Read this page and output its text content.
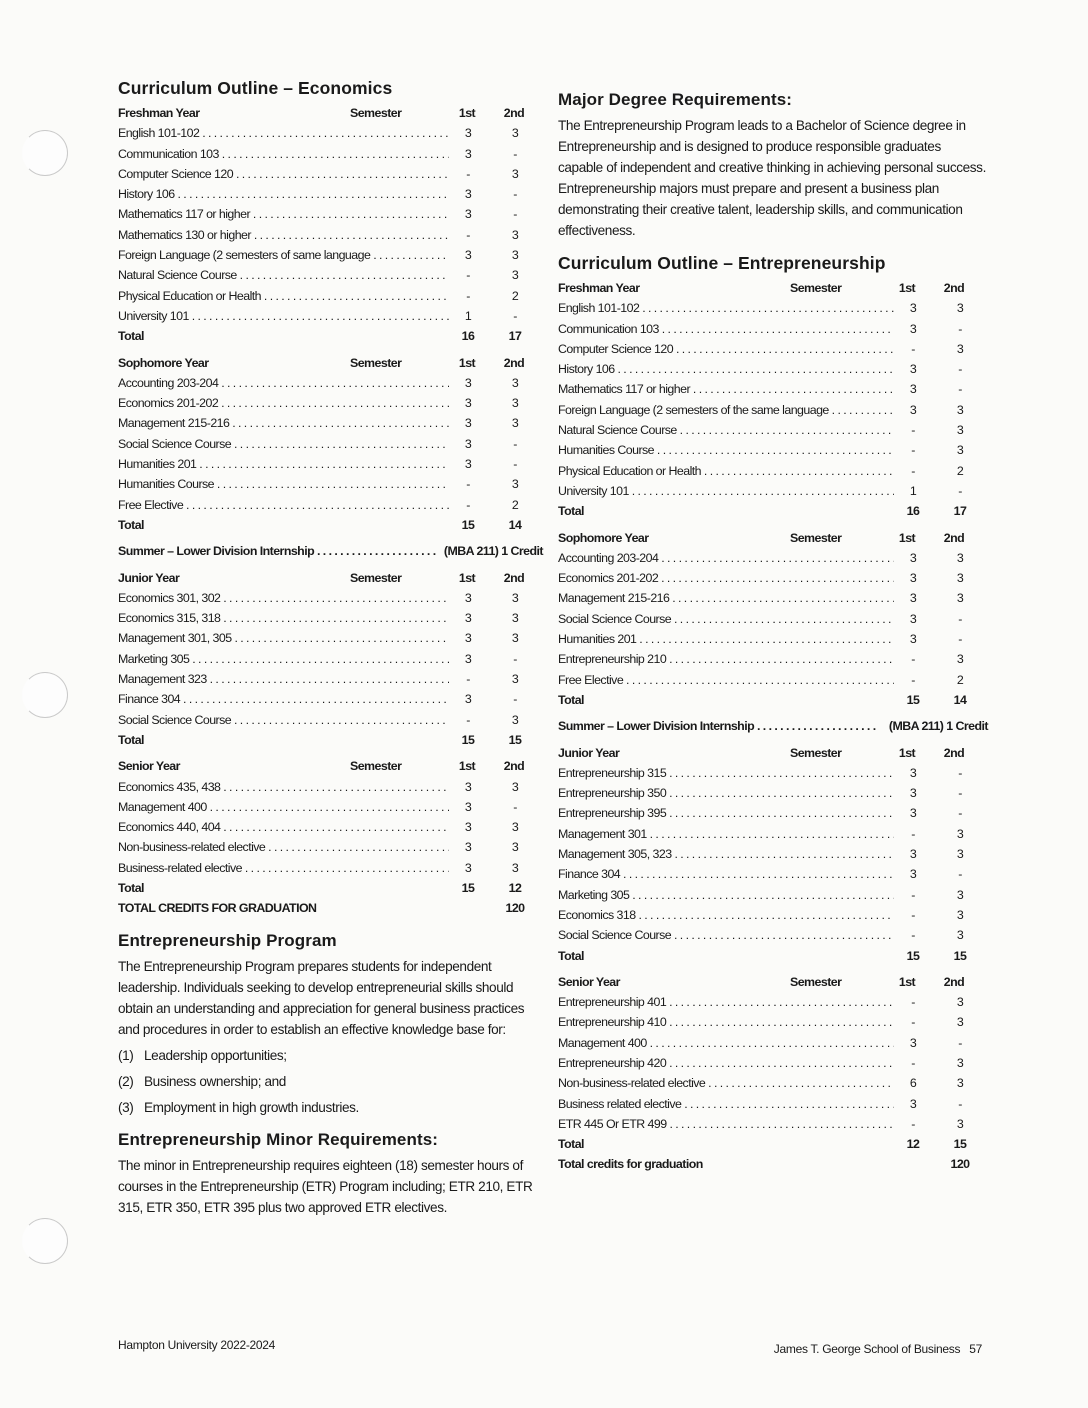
Curriculum Outline – Economics
Freshman Year	Semester	1st	2nd
English 101-102 . . .	3	3
Communication 103 . . .	3	-
Computer Science 120 . . .	-	3
History 106 . . .	3	-
Mathematics 117 or higher . . .	3	-
Mathematics 130 or higher . . .	-	3
Foreign Language (2 semesters of same language . . .	3	3
Natural Science Course . . .	-	3
Physical Education or Health . . .	-	2
University 101 . . .	1	-
Total	16	17
Sophomore Year	Semester	1st	2nd
Accounting 203-204 . . .	3	3
Economics 201-202 . . .	3	3
Management 215-216 . . .	3	3
Social Science Course . . .	3	-
Humanities 201 . . .	3	-
Humanities Course . . .	-	3
Free Elective . . .	-	2
Total	15	14
Summer – Lower Division Internship . . .	(MBA 211) 1 Credit
Junior Year	Semester	1st	2nd
Economics 301, 302 . . .	3	3
Economics 315, 318 . . .	3	3
Management 301, 305 . . .	3	3
Marketing 305 . . .	3	-
Management 323 . . .	-	3
Finance 304 . . .	3	-
Social Science Course . . .	-	3
Total	15	15
Senior Year	Semester	1st	2nd
Economics 435, 438 . . .	3	3
Management 400 . . .	3	-
Economics 440, 404 . . .	3	3
Non-business-related elective . . .	3	3
Business-related elective . . .	3	3
Total	15	12
TOTAL CREDITS FOR GRADUATION	120
Entrepreneurship Program

The Entrepreneurship Program prepares students for independent leadership. Individuals seeking to develop entrepreneurial skills should obtain an understanding and appreciation for general business practices and procedures in order to establish an effective knowledge base for:

(1) Leadership opportunities;
(2) Business ownership; and
(3) Employment in high growth industries.
Entrepreneurship Minor Requirements:

The minor in Entrepreneurship requires eighteen (18) semester hours of courses in the Entrepreneurship (ETR) Program including; ETR 210, ETR 315, ETR 350, ETR 395 plus two approved ETR electives.

Major Degree Requirements:

The Entrepreneurship Program leads to a Bachelor of Science degree in Entrepreneurship and is designed to produce responsible graduates capable of independent and creative thinking in achieving personal success. Entrepreneurship majors must prepare and present a business plan demonstrating their creative talent, leadership skills, and communication effectiveness.

Curriculum Outline – Entrepreneurship
Freshman Year	Semester	1st	2nd
English 101-102 . . .	3	3
Communication 103 . . .	3	-
Computer Science 120 . . .	-	3
History 106 . . .	3	-
Mathematics 117 or higher . . .	3	-
Foreign Language (2 semesters of the same language . . .	3	3
Natural Science Course . . .	-	3
Humanities Course . . .	-	3
Physical Education or Health . . .	-	2
University 101 . . .	1	-
Total	16	17
Sophomore Year	Semester	1st	2nd
Accounting 203-204 . . .	3	3
Economics 201-202 . . .	3	3
Management 215-216 . . .	3	3
Social Science Course . . .	3	-
Humanities 201 . . .	3	-
Entrepreneurship 210 . . .	-	3
Free Elective . . .	-	2
Total	15	14
Summer – Lower Division Internship . . .	(MBA 211) 1 Credit
Junior Year	Semester	1st	2nd
Entrepreneurship 315 . . .	3	-
Entrepreneurship 350 . . .	3	-
Entrepreneurship 395 . . .	3	-
Management 301 . . .	-	3
Management 305, 323 . . .	3	3
Finance 304 . . .	3	-
Marketing 305 . . .	-	3
Economics 318 . . .	-	3
Social Science Course . . .	-	3
Total	15	15
Senior Year	Semester	1st	2nd
Entrepreneurship 401 . . .	-	3
Entrepreneurship 410 . . .	-	3
Management 400 . . .	3	-
Entrepreneurship 420 . . .	-	3
Non-business-related elective . . .	6	3
Business related elective . . .	3	-
ETR 445 Or ETR 499 . . .	-	3
Total	12	15
Total credits for graduation	120
Hampton University 2022-2024	James T. George School of Business   57
